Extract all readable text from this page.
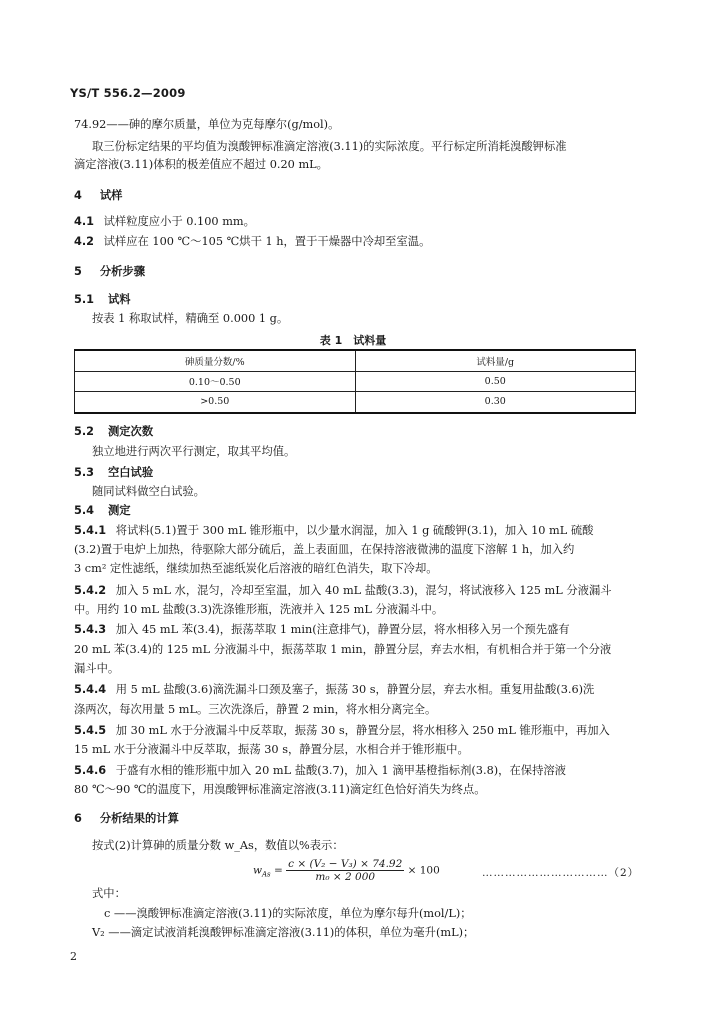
YS/T 556.2—2009
74.92——砷的摩尔质量，单位为克每摩尔(g/mol)。
取三份标定结果的平均值为溴酸钾标准滴定溶液(3.11)的实际浓度。平行标定所消耗溴酸钾标准
滴定溶液(3.11)体积的极差值应不超过 0.20 mL。
4 试样
4.1 试样粒度应小于 0.100 mm。
4.2 试样应在 100 ℃～105 ℃烘干 1 h，置于干燥器中冷却至室温。
5 分析步骤
5.1 试料
按表 1 称取试样，精确至 0.000 1 g。
表 1　试料量
砷质量分数/%	试料量/g
0.10～0.50	0.50
>0.50	0.30
5.2 测定次数
独立地进行两次平行测定，取其平均值。
5.3 空白试验
随同试料做空白试验。
5.4 测定
5.4.1 将试料(5.1)置于 300 mL 锥形瓶中，以少量水润湿，加入 1 g 硫酸钾(3.1)，加入 10 mL 硫酸
(3.2)置于电炉上加热，待驱除大部分硫后，盖上表面皿，在保持溶液微沸的温度下溶解 1 h，加入约
3 cm² 定性滤纸，继续加热至滤纸炭化后溶液的暗红色消失，取下冷却。
5.4.2 加入 5 mL 水，混匀，冷却至室温，加入 40 mL 盐酸(3.3)，混匀，将试液移入 125 mL 分液漏斗
中。用约 10 mL 盐酸(3.3)洗涤锥形瓶，洗液并入 125 mL 分液漏斗中。
5.4.3 加入 45 mL 苯(3.4)，振荡萃取 1 min(注意排气)，静置分层，将水相移入另一个预先盛有
20 mL 苯(3.4)的 125 mL 分液漏斗中，振荡萃取 1 min，静置分层，弃去水相，有机相合并于第一个分液
漏斗中。
5.4.4 用 5 mL 盐酸(3.6)滴洗漏斗口颈及塞子，振荡 30 s，静置分层，弃去水相。重复用盐酸(3.6)洗
涤两次，每次用量 5 mL。三次洗涤后，静置 2 min，将水相分离完全。
5.4.5 加 30 mL 水于分液漏斗中反萃取，振荡 30 s，静置分层，将水相移入 250 mL 锥形瓶中，再加入
15 mL 水于分液漏斗中反萃取，振荡 30 s，静置分层，水相合并于锥形瓶中。
5.4.6 于盛有水相的锥形瓶中加入 20 mL 盐酸(3.7)，加入 1 滴甲基橙指标剂(3.8)，在保持溶液
80 ℃～90 ℃的温度下，用溴酸钾标准滴定溶液(3.11)滴定红色恰好消失为终点。
6 分析结果的计算
按式(2)计算砷的质量分数 w_As，数值以%表示：
$w_{As} = \frac{\text{c × (V₂ − V₃) × 74.92}}{\text{m₀ × 2 000}} \times 100$	……………………………（2）
式中：
c ——溴酸钾标准滴定溶液(3.11)的实际浓度，单位为摩尔每升(mol/L)；
V₂ ——滴定试液消耗溴酸钾标准滴定溶液(3.11)的体积，单位为毫升(mL)；
2
